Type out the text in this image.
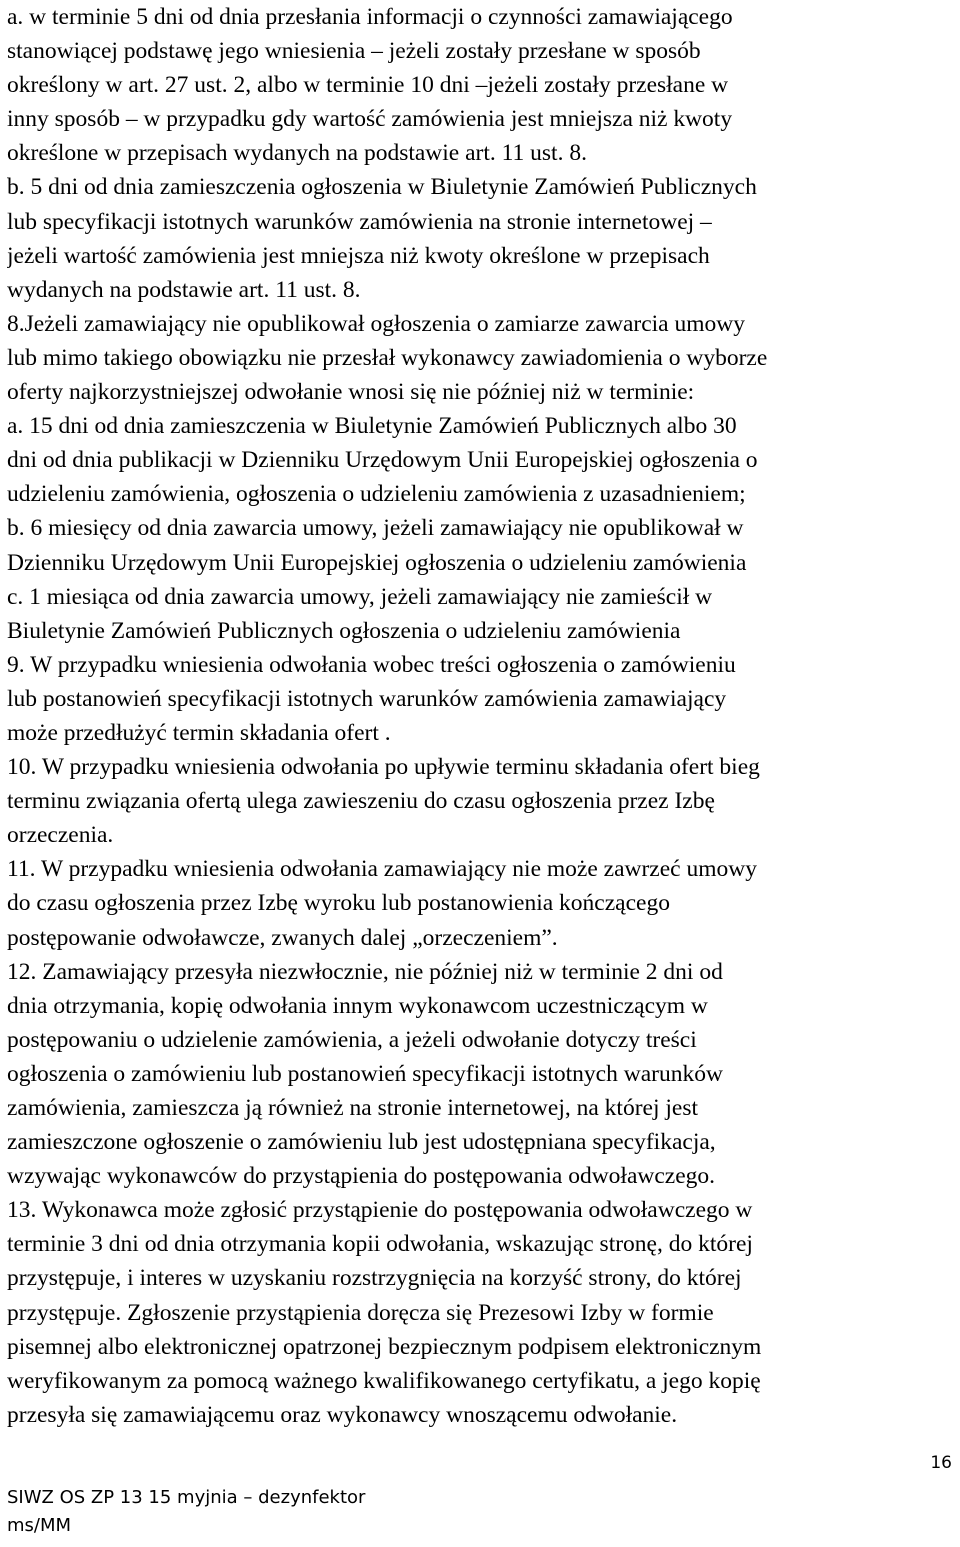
a. w terminie 5 dni od dnia przesłania informacji o czynności zamawiającego
stanowiącej podstawę jego wniesienia – jeżeli zostały przesłane w sposób
określony w art. 27 ust. 2, albo w terminie 10 dni –jeżeli zostały przesłane w
inny sposób – w przypadku gdy wartość zamówienia jest mniejsza niż kwoty
określone w przepisach wydanych na podstawie art. 11 ust. 8.
b. 5 dni od dnia zamieszczenia ogłoszenia w Biuletynie Zamówień Publicznych
lub specyfikacji istotnych warunków zamówienia na stronie internetowej –
jeżeli wartość zamówienia jest mniejsza niż kwoty określone w przepisach
wydanych na podstawie art. 11 ust. 8.
8.Jeżeli zamawiający nie opublikował ogłoszenia o zamiarze zawarcia umowy
lub mimo takiego obowiązku nie przesłał wykonawcy zawiadomienia o wyborze
oferty najkorzystniejszej odwołanie wnosi się nie później niż w terminie:
a. 15 dni od dnia zamieszczenia w Biuletynie Zamówień Publicznych albo 30
dni od dnia publikacji w Dzienniku Urzędowym Unii Europejskiej ogłoszenia o
udzieleniu zamówienia, ogłoszenia o udzieleniu zamówienia z uzasadnieniem;
b. 6 miesięcy od dnia zawarcia umowy, jeżeli zamawiający nie opublikował w
Dzienniku Urzędowym Unii Europejskiej ogłoszenia o udzieleniu zamówienia
c. 1 miesiąca od dnia zawarcia umowy, jeżeli zamawiający nie zamieścił w
Biuletynie Zamówień Publicznych ogłoszenia o udzieleniu zamówienia
9. W przypadku wniesienia odwołania wobec treści ogłoszenia o zamówieniu
lub postanowień specyfikacji istotnych warunków zamówienia zamawiający
może przedłużyć termin składania ofert .
10. W przypadku wniesienia odwołania po upływie terminu składania ofert bieg
terminu związania ofertą ulega zawieszeniu do czasu ogłoszenia przez Izbę
orzeczenia.
11. W przypadku wniesienia odwołania zamawiający nie może zawrzeć umowy
do czasu ogłoszenia przez Izbę wyroku lub postanowienia kończącego
postępowanie odwoławcze, zwanych dalej „orzeczeniem”.
12. Zamawiający przesyła niezwłocznie, nie później niż w terminie 2 dni od
dnia otrzymania, kopię odwołania innym wykonawcom uczestniczącym w
postępowaniu o udzielenie zamówienia, a jeżeli odwołanie dotyczy treści
ogłoszenia o zamówieniu lub postanowień specyfikacji istotnych warunków
zamówienia, zamieszcza ją również na stronie internetowej, na której jest
zamieszczone ogłoszenie o zamówieniu lub jest udostępniana specyfikacja,
wzywając wykonawców do przystąpienia do postępowania odwoławczego.
13. Wykonawca może zgłosić przystąpienie do postępowania odwoławczego w
terminie 3 dni od dnia otrzymania kopii odwołania, wskazując stronę, do której
przystępuje, i interes w uzyskaniu rozstrzygnięcia na korzyść strony, do której
przystępuje. Zgłoszenie przystąpienia doręcza się Prezesowi Izby w formie
pisemnej albo elektronicznej opatrzonej bezpiecznym podpisem elektronicznym
weryfikowanym za pomocą ważnego kwalifikowanego certyfikatu, a jego kopię
przesyła się zamawiającemu oraz wykonawcy wnoszącemu odwołanie.
16
SIWZ OS ZP 13 15 myjnia – dezynfektor
ms/MM
